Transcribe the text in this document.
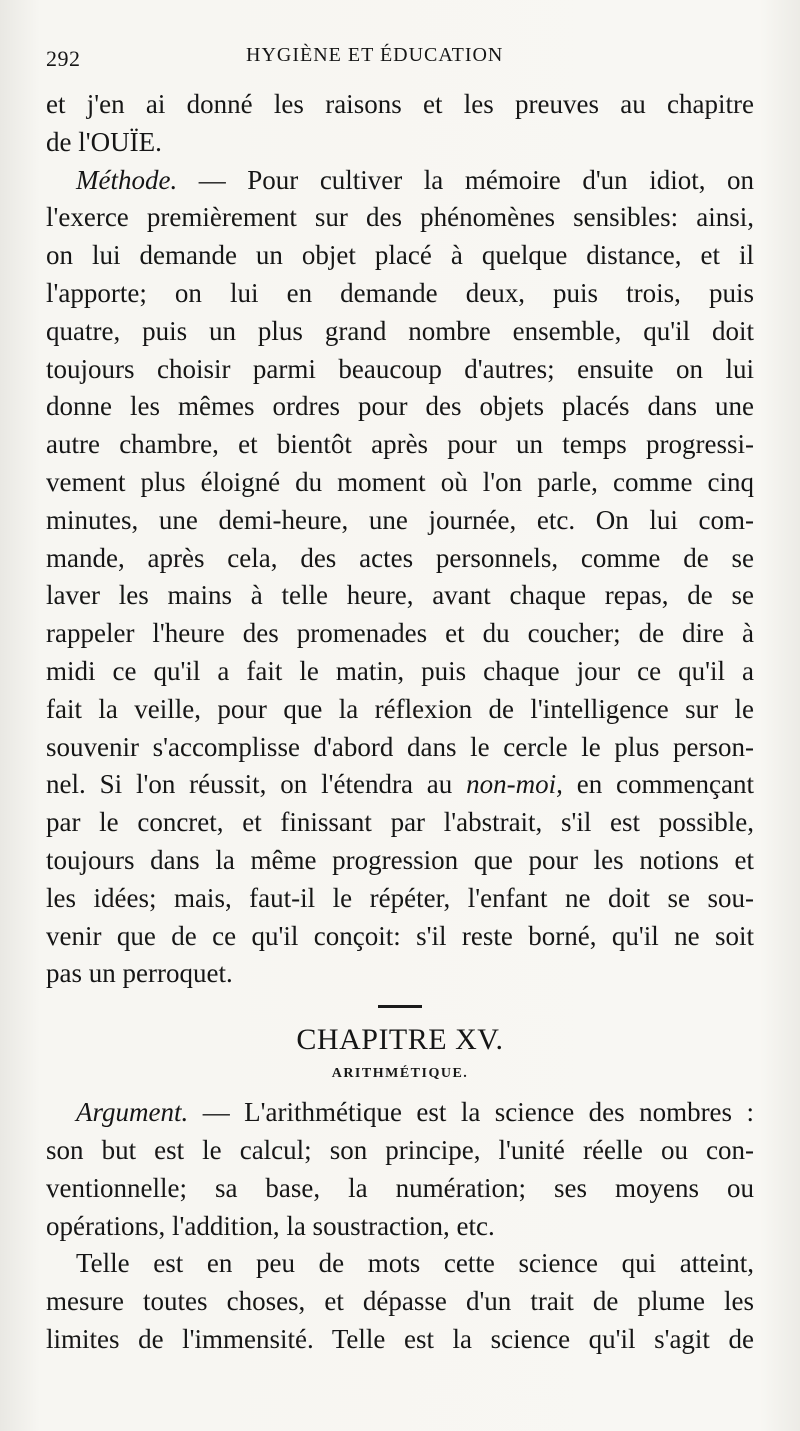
292	HYGIÈNE ET ÉDUCATION
et j'en ai donné les raisons et les preuves au chapitre
de l'OUÏE.
Méthode. — Pour cultiver la mémoire d'un idiot, on
l'exerce premièrement sur des phénomènes sensibles: ainsi,
on lui demande un objet placé à quelque distance, et il
l'apporte; on lui en demande deux, puis trois, puis
quatre, puis un plus grand nombre ensemble, qu'il doit
toujours choisir parmi beaucoup d'autres; ensuite on lui
donne les mêmes ordres pour des objets placés dans une
autre chambre, et bientôt après pour un temps progressi-
vement plus éloigné du moment où l'on parle, comme cinq
minutes, une demi-heure, une journée, etc. On lui com-
mande, après cela, des actes personnels, comme de se
laver les mains à telle heure, avant chaque repas, de se
rappeler l'heure des promenades et du coucher; de dire à
midi ce qu'il a fait le matin, puis chaque jour ce qu'il a
fait la veille, pour que la réflexion de l'intelligence sur le
souvenir s'accomplisse d'abord dans le cercle le plus person-
nel. Si l'on réussit, on l'étendra au non-moi, en commençant
par le concret, et finissant par l'abstrait, s'il est possible,
toujours dans la même progression que pour les notions et
les idées; mais, faut-il le répéter, l'enfant ne doit se sou-
venir que de ce qu'il conçoit: s'il reste borné, qu'il ne soit
pas un perroquet.
CHAPITRE XV.
ARITHMÉTIQUE.
Argument. — L'arithmétique est la science des nombres :
son but est le calcul; son principe, l'unité réelle ou con-
ventionnelle; sa base, la numération; ses moyens ou
opérations, l'addition, la soustraction, etc.
Telle est en peu de mots cette science qui atteint,
mesure toutes choses, et dépasse d'un trait de plume les
limites de l'immensité. Telle est la science qu'il s'agit de
